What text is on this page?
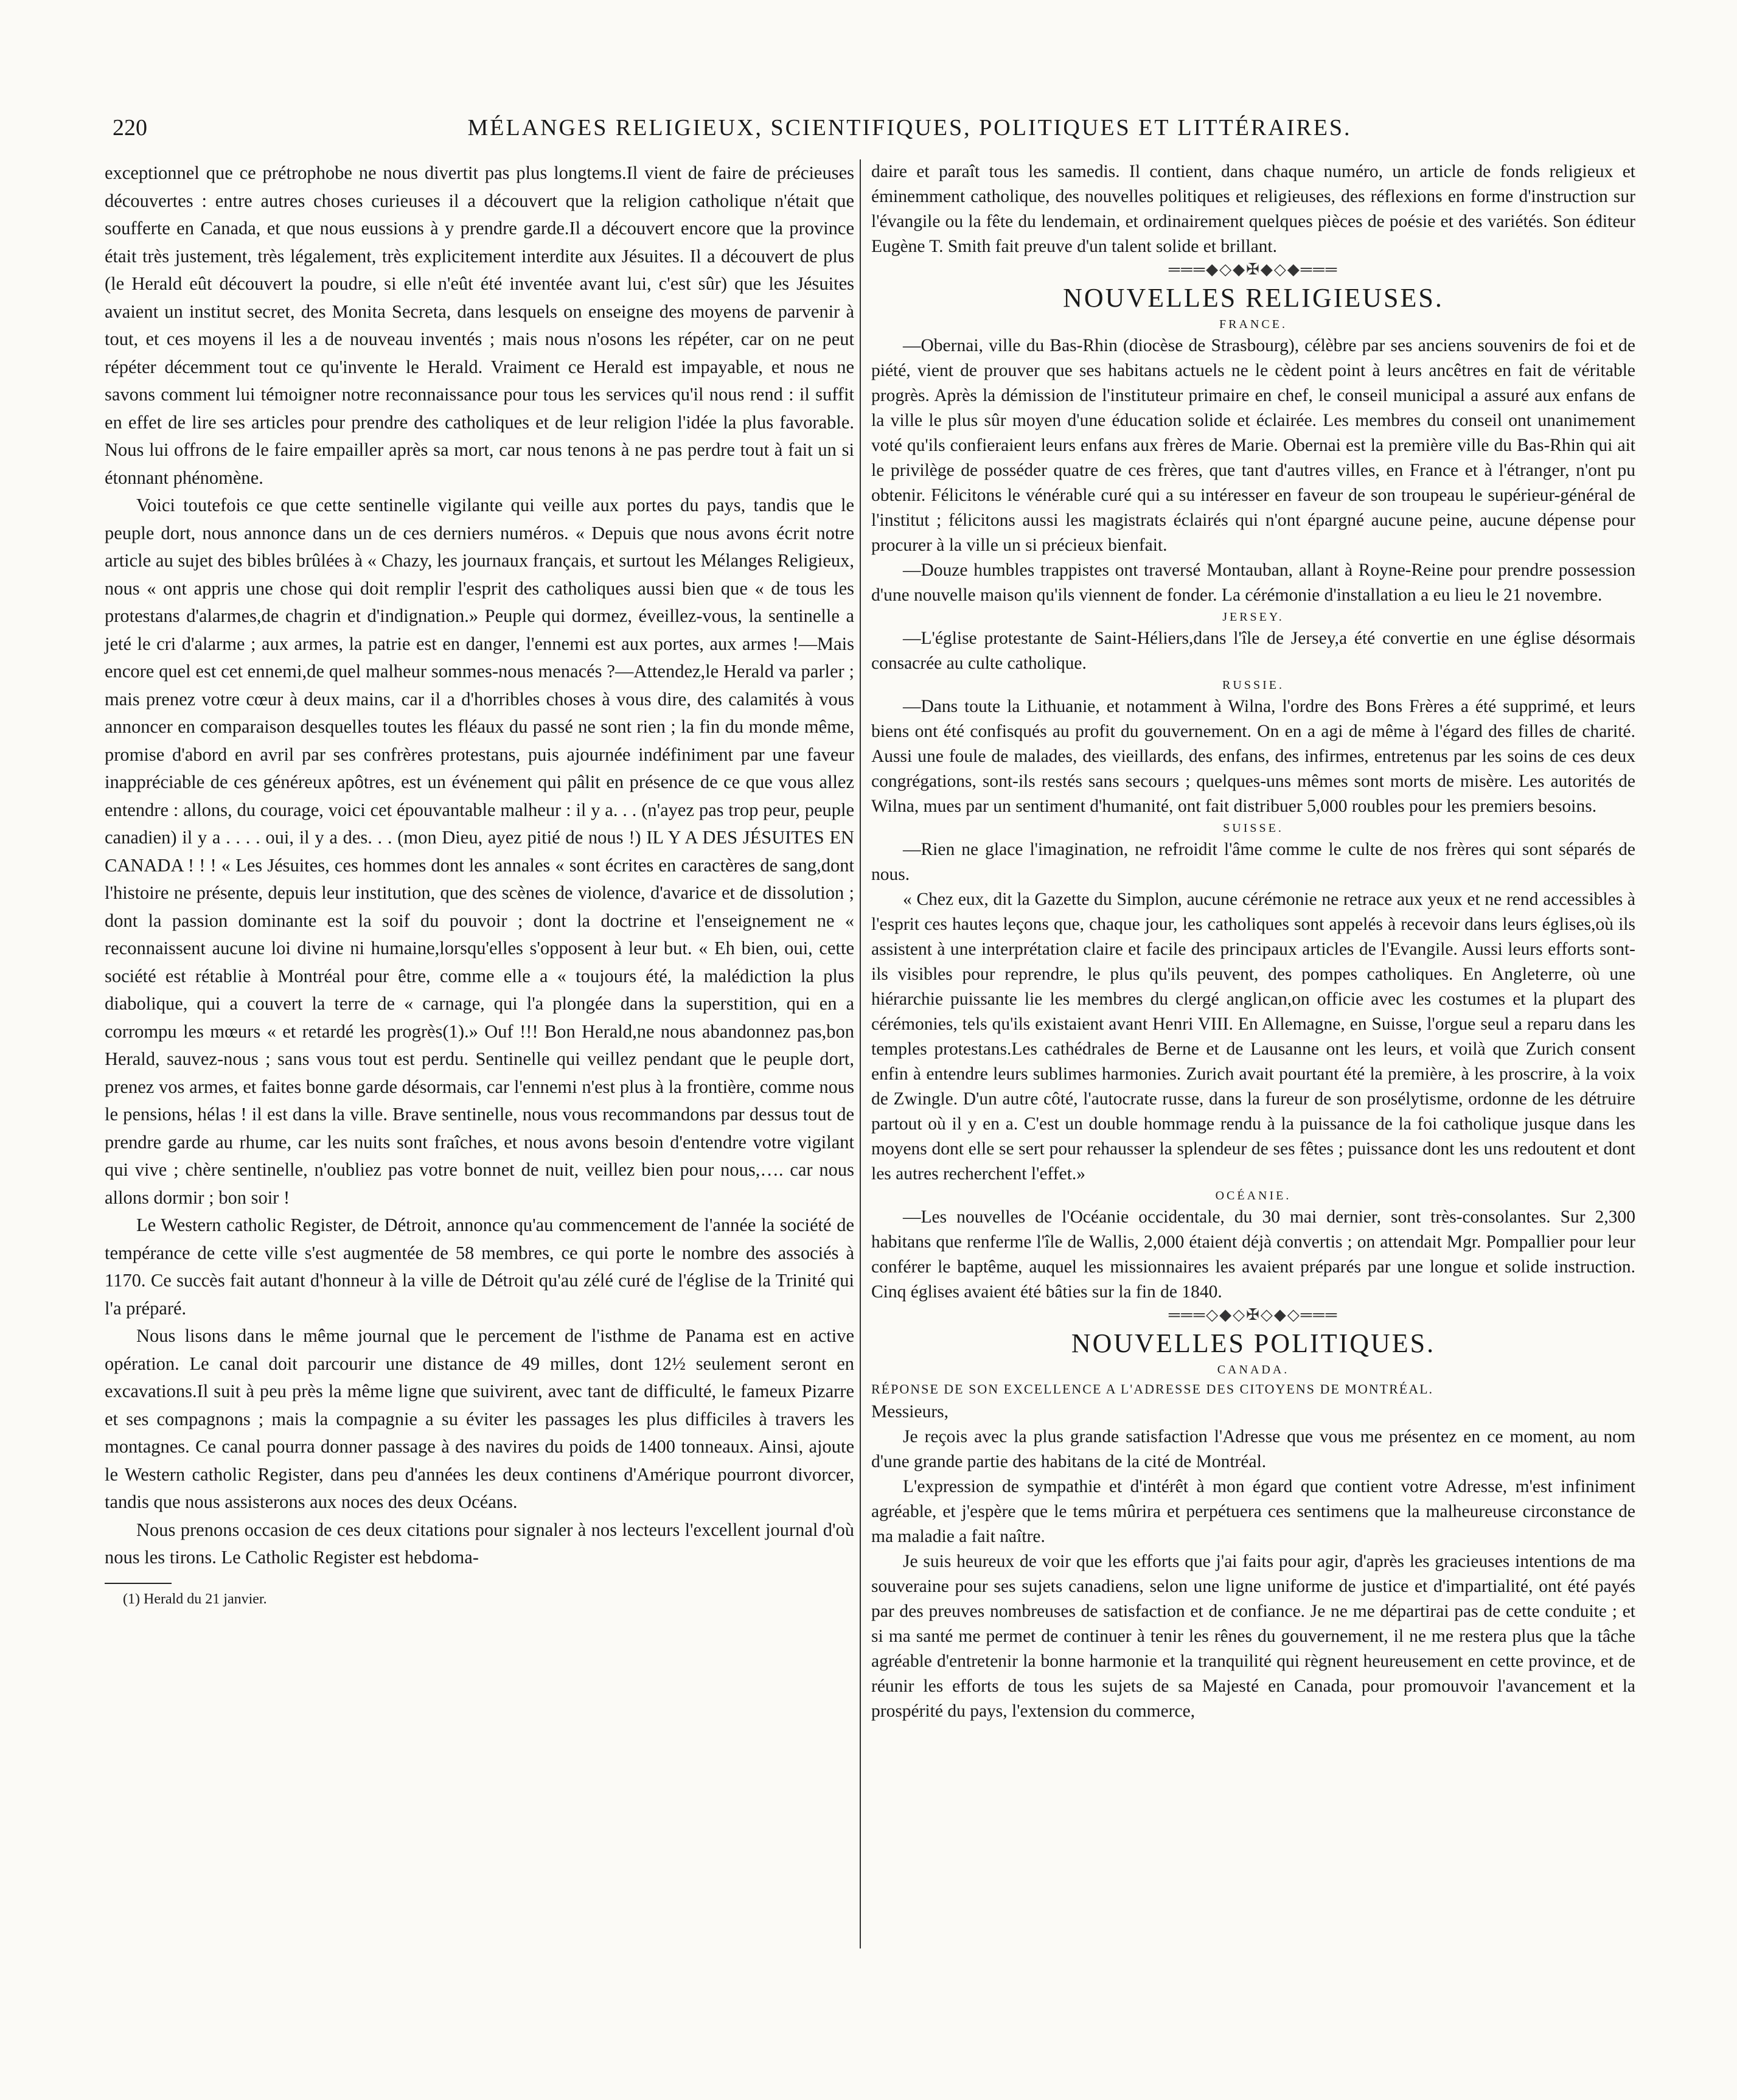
220	MÉLANGES RELIGIEUX, SCIENTIFIQUES, POLITIQUES ET LITTÉRAIRES.

exceptionnel que ce prétrophobe ne nous divertit pas plus longtems.Il vient de faire de précieuses découvertes : entre autres choses curieuses il a découvert que la religion catholique n'était que soufferte en Canada, et que nous eussions à y prendre garde.Il a découvert encore que la province était très justement, très légalement, très explicitement interdite aux Jésuites. Il a découvert de plus (le Herald eût découvert la poudre, si elle n'eût été inventée avant lui, c'est sûr) que les Jésuites avaient un institut secret, des Monita Secreta, dans lesquels on enseigne des moyens de parvenir à tout, et ces moyens il les a de nouveau inventés ; mais nous n'osons les répéter, car on ne peut répéter décemment tout ce qu'invente le Herald. Vraiment ce Herald est impayable, et nous ne savons comment lui témoigner notre reconnaissance pour tous les services qu'il nous rend : il suffit en effet de lire ses articles pour prendre des catholiques et de leur religion l'idée la plus favorable. Nous lui offrons de le faire empailler après sa mort, car nous tenons à ne pas perdre tout à fait un si étonnant phénomène.

Voici toutefois ce que cette sentinelle vigilante qui veille aux portes du pays, tandis que le peuple dort, nous annonce dans un de ces derniers numéros. « Depuis que nous avons écrit notre article au sujet des bibles brûlées à « Chazy, les journaux français, et surtout les Mélanges Religieux, nous « ont appris une chose qui doit remplir l'esprit des catholiques aussi bien que « de tous les protestans d'alarmes,de chagrin et d'indignation.» Peuple qui dormez, éveillez-vous, la sentinelle a jeté le cri d'alarme ; aux armes, la patrie est en danger, l'ennemi est aux portes, aux armes !—Mais encore quel est cet ennemi,de quel malheur sommes-nous menacés ?—Attendez,le Herald va parler ; mais prenez votre cœur à deux mains, car il a d'horribles choses à vous dire, des calamités à vous annoncer en comparaison desquelles toutes les fléaux du passé ne sont rien ; la fin du monde même, promise d'abord en avril par ses confrères protestans, puis ajournée indéfiniment par une faveur inappréciable de ces généreux apôtres, est un événement qui pâlit en présence de ce que vous allez entendre : allons, du courage, voici cet épouvantable malheur : il y a. . . (n'ayez pas trop peur, peuple canadien) il y a . . . . oui, il y a des. . . (mon Dieu, ayez pitié de nous !) IL Y A DES JÉSUITES EN CANADA ! ! ! « Les Jésuites, ces hommes dont les annales « sont écrites en caractères de sang,dont l'histoire ne présente, depuis leur institution, que des scènes de violence, d'avarice et de dissolution ; dont la passion dominante est la soif du pouvoir ; dont la doctrine et l'enseignement ne « reconnaissent aucune loi divine ni humaine,lorsqu'elles s'opposent à leur but. « Eh bien, oui, cette société est rétablie à Montréal pour être, comme elle a « toujours été, la malédiction la plus diabolique, qui a couvert la terre de « carnage, qui l'a plongée dans la superstition, qui en a corrompu les mœurs « et retardé les progrès(1).» Ouf !!! Bon Herald,ne nous abandonnez pas,bon Herald, sauvez-nous ; sans vous tout est perdu. Sentinelle qui veillez pendant que le peuple dort, prenez vos armes, et faites bonne garde désormais, car l'ennemi n'est plus à la frontière, comme nous le pensions, hélas ! il est dans la ville. Brave sentinelle, nous vous recommandons par dessus tout de prendre garde au rhume, car les nuits sont fraîches, et nous avons besoin d'entendre votre vigilant qui vive ; chère sentinelle, n'oubliez pas votre bonnet de nuit, veillez bien pour nous,…. car nous allons dormir ; bon soir !

Le Western catholic Register, de Détroit, annonce qu'au commencement de l'année la société de tempérance de cette ville s'est augmentée de 58 membres, ce qui porte le nombre des associés à 1170. Ce succès fait autant d'honneur à la ville de Détroit qu'au zélé curé de l'église de la Trinité qui l'a préparé.

Nous lisons dans le même journal que le percement de l'isthme de Panama est en active opération. Le canal doit parcourir une distance de 49 milles, dont 12½ seulement seront en excavations.Il suit à peu près la même ligne que suivirent, avec tant de difficulté, le fameux Pizarre et ses compagnons ; mais la compagnie a su éviter les passages les plus difficiles à travers les montagnes. Ce canal pourra donner passage à des navires du poids de 1400 tonneaux. Ainsi, ajoute le Western catholic Register, dans peu d'années les deux continens d'Amérique pourront divorcer, tandis que nous assisterons aux noces des deux Océans.

Nous prenons occasion de ces deux citations pour signaler à nos lecteurs l'excellent journal d'où nous les tirons. Le Catholic Register est hebdoma-

(1) Herald du 21 janvier.

daire et paraît tous les samedis. Il contient, dans chaque numéro, un article de fonds religieux et éminemment catholique, des nouvelles politiques et religieuses, des réflexions en forme d'instruction sur l'évangile ou la fête du lendemain, et ordinairement quelques pièces de poésie et des variétés. Son éditeur Eugène T. Smith fait preuve d'un talent solide et brillant.

═══◆◇◆✠◆◇◆═══
NOUVELLES RELIGIEUSES.
FRANCE.

—Obernai, ville du Bas-Rhin (diocèse de Strasbourg), célèbre par ses anciens souvenirs de foi et de piété, vient de prouver que ses habitans actuels ne le cèdent point à leurs ancêtres en fait de véritable progrès. Après la démission de l'instituteur primaire en chef, le conseil municipal a assuré aux enfans de la ville le plus sûr moyen d'une éducation solide et éclairée. Les membres du conseil ont unanimement voté qu'ils confieraient leurs enfans aux frères de Marie. Obernai est la première ville du Bas-Rhin qui ait le privilège de posséder quatre de ces frères, que tant d'autres villes, en France et à l'étranger, n'ont pu obtenir. Félicitons le vénérable curé qui a su intéresser en faveur de son troupeau le supérieur-général de l'institut ; félicitons aussi les magistrats éclairés qui n'ont épargné aucune peine, aucune dépense pour procurer à la ville un si précieux bienfait.

—Douze humbles trappistes ont traversé Montauban, allant à Royne-Reine pour prendre possession d'une nouvelle maison qu'ils viennent de fonder. La cérémonie d'installation a eu lieu le 21 novembre.

JERSEY.

—L'église protestante de Saint-Héliers,dans l'île de Jersey,a été convertie en une église désormais consacrée au culte catholique.

RUSSIE.

—Dans toute la Lithuanie, et notamment à Wilna, l'ordre des Bons Frères a été supprimé, et leurs biens ont été confisqués au profit du gouvernement. On en a agi de même à l'égard des filles de charité. Aussi une foule de malades, des vieillards, des enfans, des infirmes, entretenus par les soins de ces deux congrégations, sont-ils restés sans secours ; quelques-uns mêmes sont morts de misère. Les autorités de Wilna, mues par un sentiment d'humanité, ont fait distribuer 5,000 roubles pour les premiers besoins.

SUISSE.

—Rien ne glace l'imagination, ne refroidit l'âme comme le culte de nos frères qui sont séparés de nous.

« Chez eux, dit la Gazette du Simplon, aucune cérémonie ne retrace aux yeux et ne rend accessibles à l'esprit ces hautes leçons que, chaque jour, les catholiques sont appelés à recevoir dans leurs églises,où ils assistent à une interprétation claire et facile des principaux articles de l'Evangile. Aussi leurs efforts sont-ils visibles pour reprendre, le plus qu'ils peuvent, des pompes catholiques. En Angleterre, où une hiérarchie puissante lie les membres du clergé anglican,on officie avec les costumes et la plupart des cérémonies, tels qu'ils existaient avant Henri VIII. En Allemagne, en Suisse, l'orgue seul a reparu dans les temples protestans.Les cathédrales de Berne et de Lausanne ont les leurs, et voilà que Zurich consent enfin à entendre leurs sublimes harmonies. Zurich avait pourtant été la première, à les proscrire, à la voix de Zwingle. D'un autre côté, l'autocrate russe, dans la fureur de son prosélytisme, ordonne de les détruire partout où il y en a. C'est un double hommage rendu à la puissance de la foi catholique jusque dans les moyens dont elle se sert pour rehausser la splendeur de ses fêtes ; puissance dont les uns redoutent et dont les autres recherchent l'effet.»

OCÉANIE.

—Les nouvelles de l'Océanie occidentale, du 30 mai dernier, sont très-consolantes. Sur 2,300 habitans que renferme l'île de Wallis, 2,000 étaient déjà convertis ; on attendait Mgr. Pompallier pour leur conférer le baptême, auquel les missionnaires les avaient préparés par une longue et solide instruction. Cinq églises avaient été bâties sur la fin de 1840.

═══◇◆◇✠◇◆◇═══
NOUVELLES POLITIQUES.
CANADA.

RÉPONSE DE SON EXCELLENCE A L'ADRESSE DES CITOYENS DE MONTRÉAL.

Messieurs,

Je reçois avec la plus grande satisfaction l'Adresse que vous me présentez en ce moment, au nom d'une grande partie des habitans de la cité de Montréal.

L'expression de sympathie et d'intérêt à mon égard que contient votre Adresse, m'est infiniment agréable, et j'espère que le tems mûrira et perpétuera ces sentimens que la malheureuse circonstance de ma maladie a fait naître.

Je suis heureux de voir que les efforts que j'ai faits pour agir, d'après les gracieuses intentions de ma souveraine pour ses sujets canadiens, selon une ligne uniforme de justice et d'impartialité, ont été payés par des preuves nombreuses de satisfaction et de confiance. Je ne me départirai pas de cette conduite ; et si ma santé me permet de continuer à tenir les rênes du gouvernement, il ne me restera plus que la tâche agréable d'entretenir la bonne harmonie et la tranquilité qui règnent heureusement en cette province, et de réunir les efforts de tous les sujets de sa Majesté en Canada, pour promouvoir l'avancement et la prospérité du pays, l'extension du commerce,
